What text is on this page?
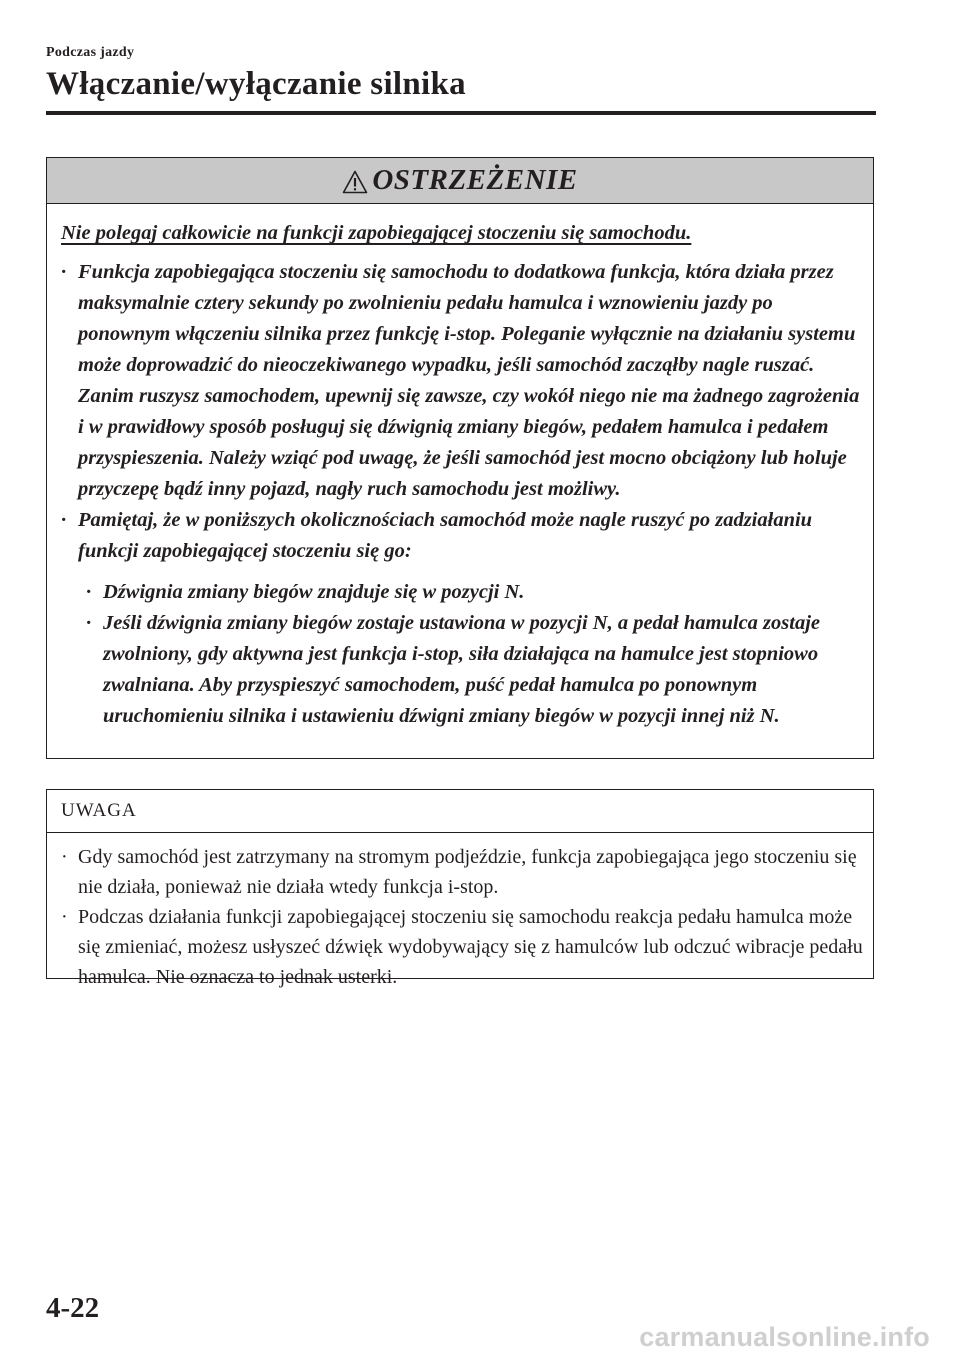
Podczas jazdy
Włączanie/wyłączanie silnika
OSTRZEŻENIE
Nie polegaj całkowicie na funkcji zapobiegającej stoczeniu się samochodu.
· Funkcja zapobiegająca stoczeniu się samochodu to dodatkowa funkcja, która działa przez maksymalnie cztery sekundy po zwolnieniu pedału hamulca i wznowieniu jazdy po ponownym włączeniu silnika przez funkcję i-stop. Poleganie wyłącznie na działaniu systemu może doprowadzić do nieoczekiwanego wypadku, jeśli samochód zacząłby nagle ruszać. Zanim ruszysz samochodem, upewnij się zawsze, czy wokół niego nie ma żadnego zagrożenia i w prawidłowy sposób posługuj się dźwignią zmiany biegów, pedałem hamulca i pedałem przyspieszenia. Należy wziąć pod uwagę, że jeśli samochód jest mocno obciążony lub holuje przyczepę bądź inny pojazd, nagły ruch samochodu jest możliwy.
· Pamiętaj, że w poniższych okolicznościach samochód może nagle ruszyć po zadziałaniu funkcji zapobiegającej stoczeniu się go:
· Dźwignia zmiany biegów znajduje się w pozycji N.
· Jeśli dźwignia zmiany biegów zostaje ustawiona w pozycji N, a pedał hamulca zostaje zwolniony, gdy aktywna jest funkcja i-stop, siła działająca na hamulce jest stopniowo zwalniana. Aby przyspieszyć samochodem, puść pedał hamulca po ponownym uruchomieniu silnika i ustawieniu dźwigni zmiany biegów w pozycji innej niż N.
UWAGA
· Gdy samochód jest zatrzymany na stromym podjeździe, funkcja zapobiegająca jego stoczeniu się nie działa, ponieważ nie działa wtedy funkcja i-stop.
· Podczas działania funkcji zapobiegającej stoczeniu się samochodu reakcja pedału hamulca może się zmieniać, możesz usłyszeć dźwięk wydobywający się z hamulców lub odczuć wibracje pedału hamulca. Nie oznacza to jednak usterki.
4-22
carmanualsonline.info
